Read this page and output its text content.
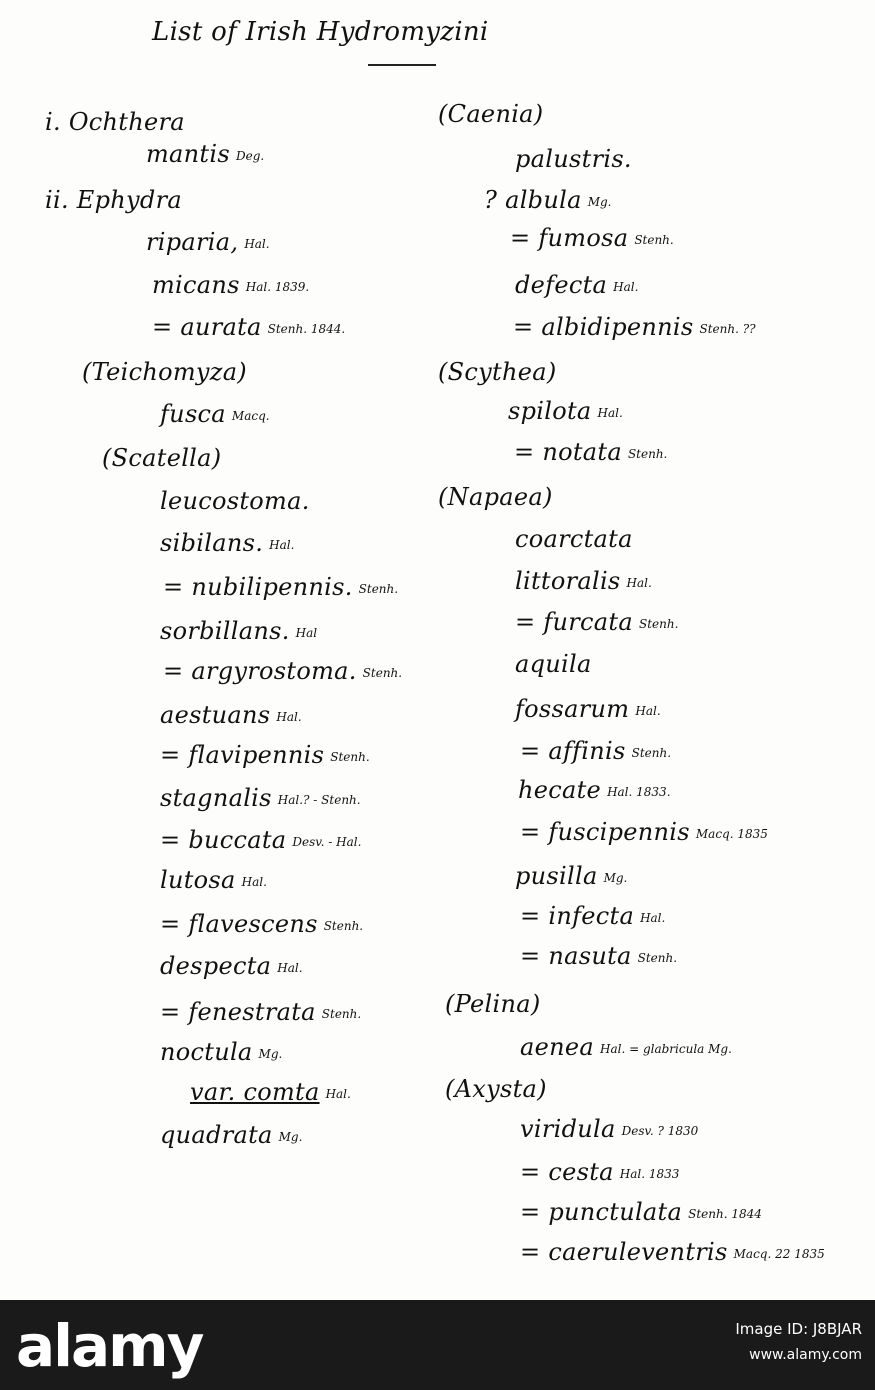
List of Irish Hydromyzini
i. Ochthera
mantis Deg.
ii. Ephydra
riparia, Hal.
micans Hal. 1839.
= aurata Stenh. 1844.
(Teichomyza)
fusca Macq.
(Scatella)
leucostoma.
sibilans. Hal.
= nubilipennis. Stenh.
sorbillans. Hal
= argyrostoma. Stenh.
aestuans Hal.
= flavipennis Stenh.
stagnalis Hal.? - Stenh.
= buccata Desv. - Hal.
lutosa Hal.
= flavescens Stenh.
despecta Hal.
= fenestrata Stenh.
noctula Mg.
var. comta Hal.
quadrata Mg.
(Caenia)
palustris.
? albula Mg.
= fumosa Stenh.
defecta Hal.
= albidipennis Stenh. ??
(Scythea)
spilota Hal.
= notata Stenh.
(Napaea)
coarctata
littoralis Hal.
= furcata Stenh.
aquila
fossarum Hal.
= affinis Stenh.
hecate Hal. 1833.
= fuscipennis Macq. 1835
pusilla Mg.
= infecta Hal.
= nasuta Stenh.
(Pelina)
aenea Hal. = glabricula Mg.
(Axysta)
viridula Desv. ? 1830
= cesta Hal. 1833
= punctulata Stenh. 1844
= caeruleventris Macq. 22 1835
alamy	Image ID: J8BJAR
www.alamy.com
